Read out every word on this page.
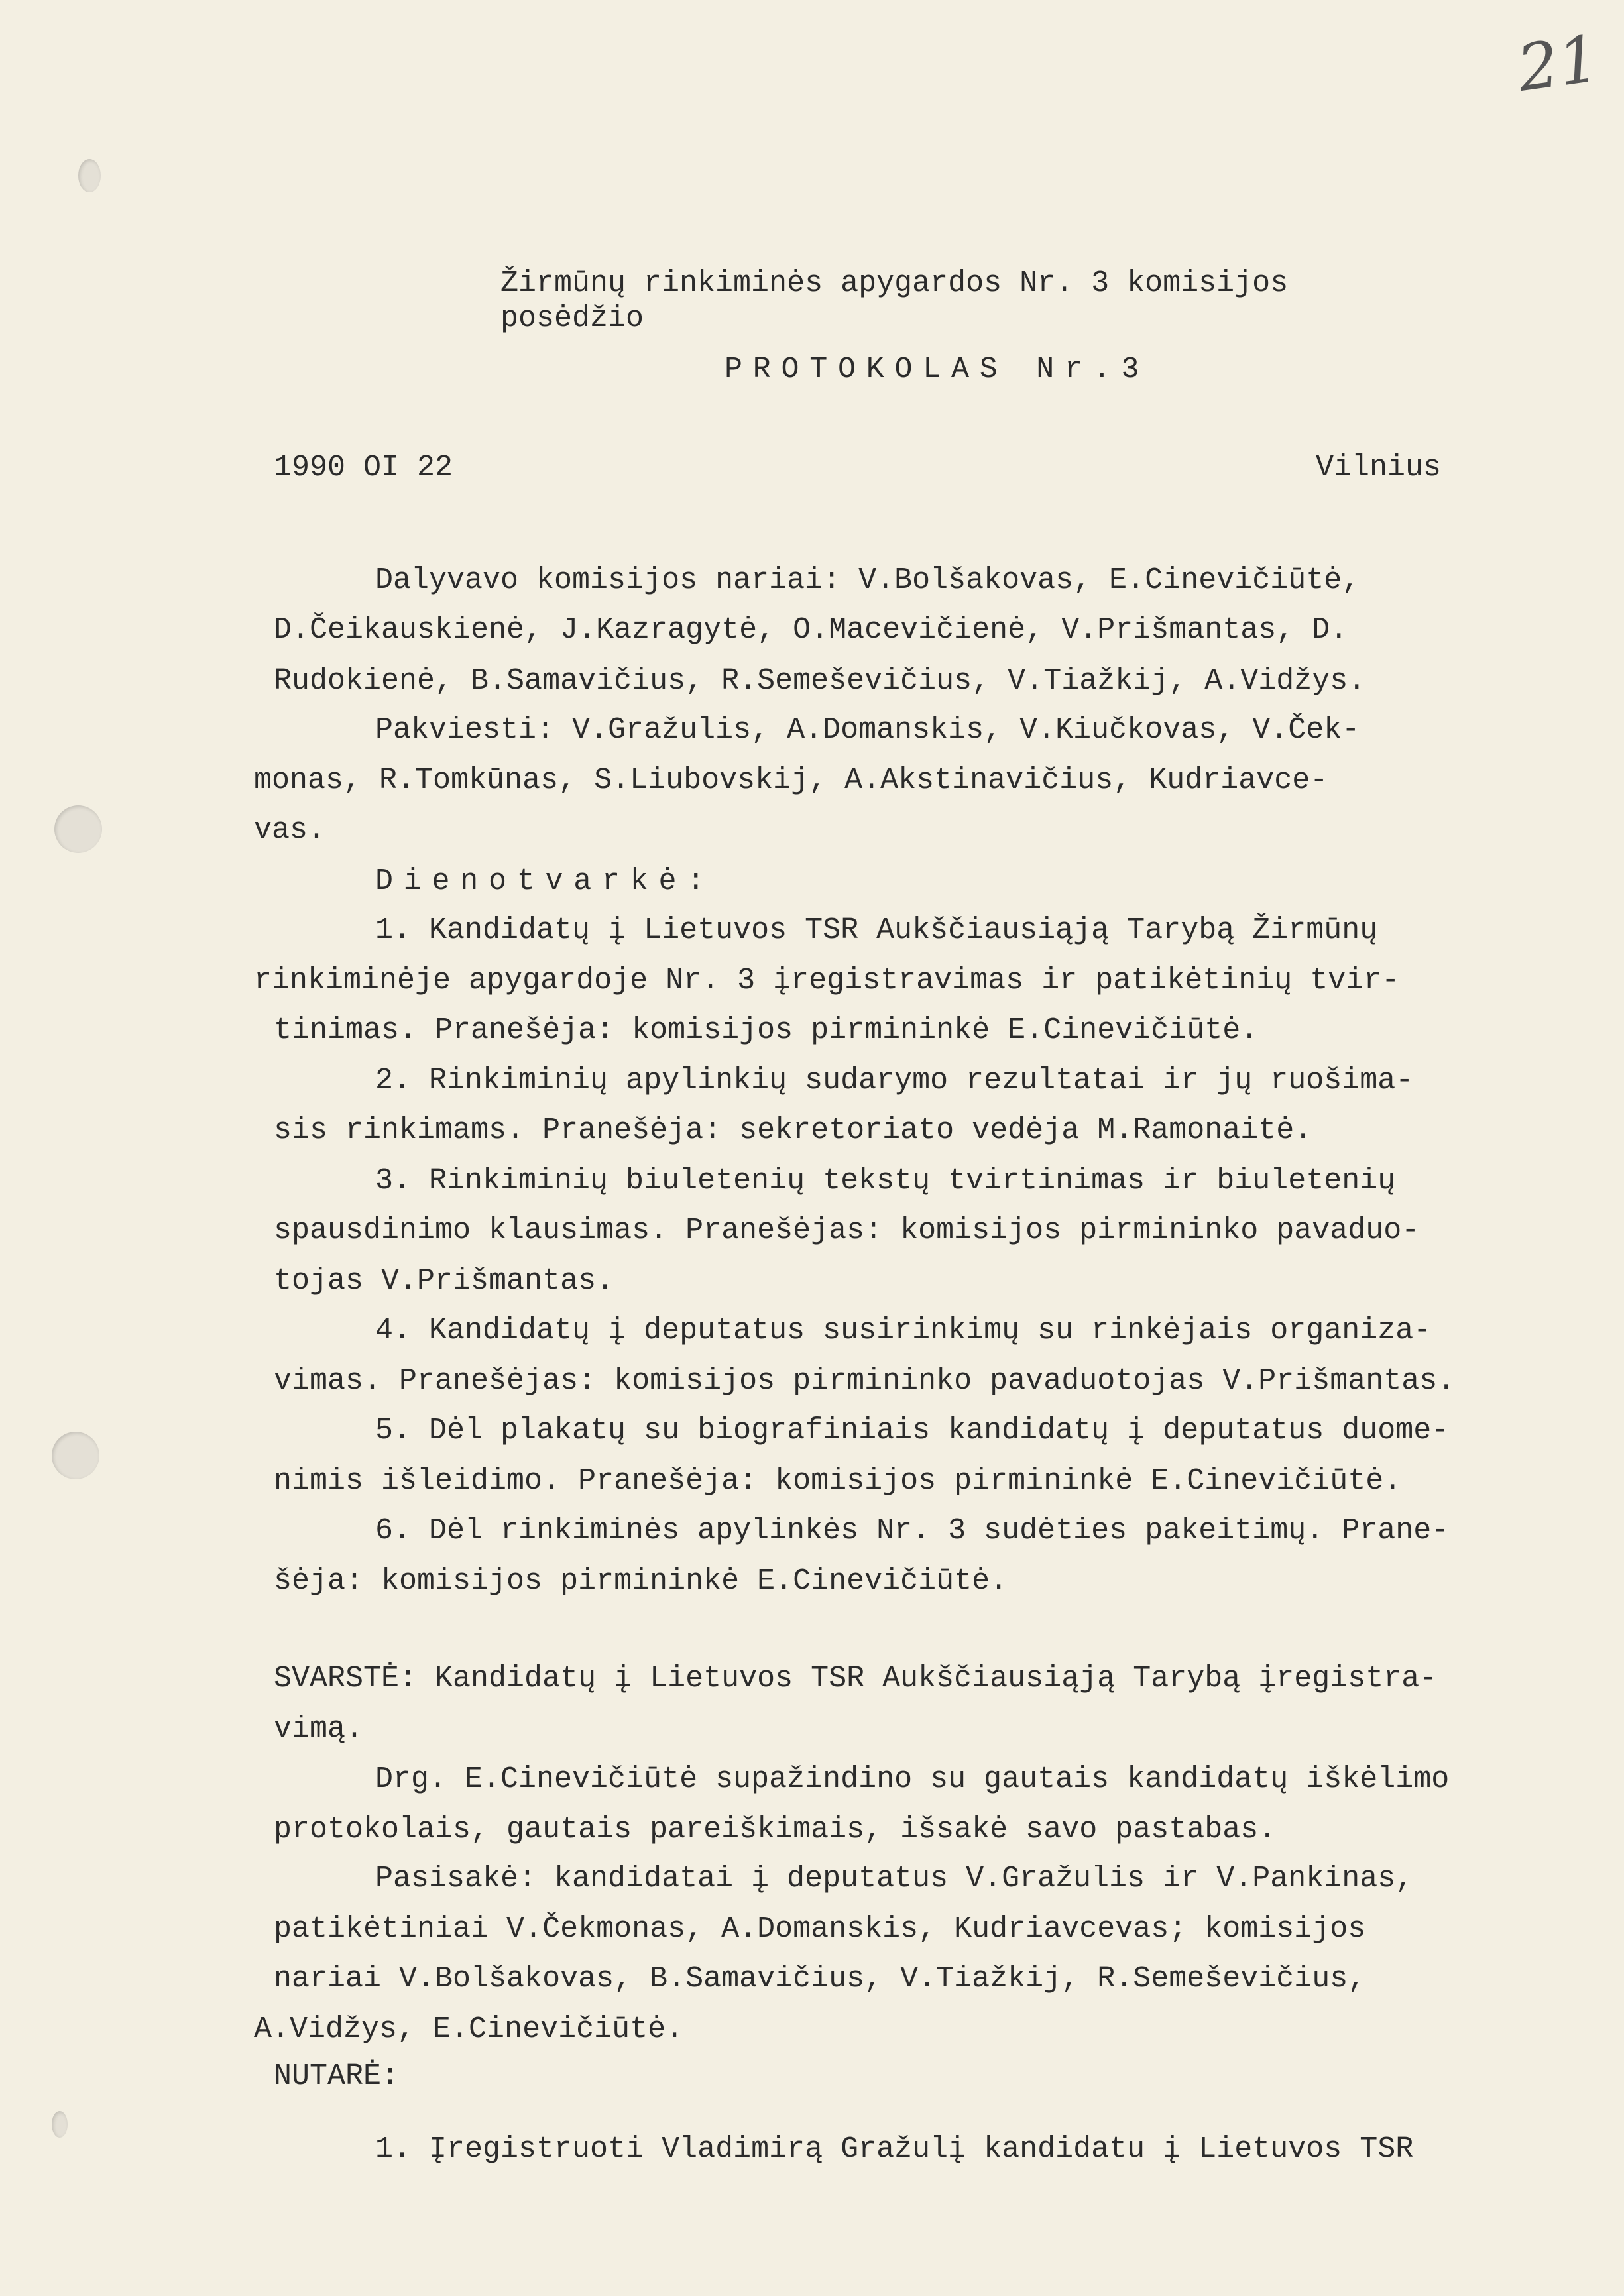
21
Žirmūnų rinkiminės apygardos Nr. 3 komisijos
posėdžio
PROTOKOLAS Nr.3
1990 OI 22	Vilnius
Dalyvavo komisijos nariai: V.Bolšakovas, E.Cinevičiūtė,
D.Čeikauskienė, J.Kazragytė, O.Macevičienė, V.Prišmantas, D.
Rudokienė, B.Samavičius, R.Semeševičius, V.Tiažkij, A.Vidžys.
Pakviesti: V.Gražulis, A.Domanskis, V.Kiučkovas, V.Ček-
monas, R.Tomkūnas, S.Liubovskij, A.Akstinavičius, Kudriavce-
vas.
Dienotvarkė:
1. Kandidatų į Lietuvos TSR Aukščiausiąją Tarybą Žirmūnų
rinkiminėje apygardoje Nr. 3 įregistravimas ir patikėtinių tvir-
tinimas. Pranešėja: komisijos pirmininkė E.Cinevičiūtė.
2. Rinkiminių apylinkių sudarymo rezultatai ir jų ruošima-
sis rinkimams. Pranešėja: sekretoriato vedėja M.Ramonaitė.
3. Rinkiminių biuletenių tekstų tvirtinimas ir biuletenių
spausdinimo klausimas. Pranešėjas: komisijos pirmininko pavaduo-
tojas V.Prišmantas.
4. Kandidatų į deputatus susirinkimų su rinkėjais organiza-
vimas. Pranešėjas: komisijos pirmininko pavaduotojas V.Prišmantas.
5. Dėl plakatų su biografiniais kandidatų į deputatus duome-
nimis išleidimo. Pranešėja: komisijos pirmininkė E.Cinevičiūtė.
6. Dėl rinkiminės apylinkės Nr. 3 sudėties pakeitimų. Prane-
šėja: komisijos pirmininkė E.Cinevičiūtė.
SVARSTĖ: Kandidatų į Lietuvos TSR Aukščiausiąją Tarybą įregistra-
vimą.
Drg. E.Cinevičiūtė supažindino su gautais kandidatų iškėlimo
protokolais, gautais pareiškimais, išsakė savo pastabas.
Pasisakė: kandidatai į deputatus V.Gražulis ir V.Pankinas,
patikėtiniai V.Čekmonas, A.Domanskis, Kudriavcevas; komisijos
nariai V.Bolšakovas, B.Samavičius, V.Tiažkij, R.Semeševičius,
A.Vidžys, E.Cinevičiūtė.
NUTARĖ:
1. Įregistruoti Vladimirą Gražulį kandidatu į Lietuvos TSR
